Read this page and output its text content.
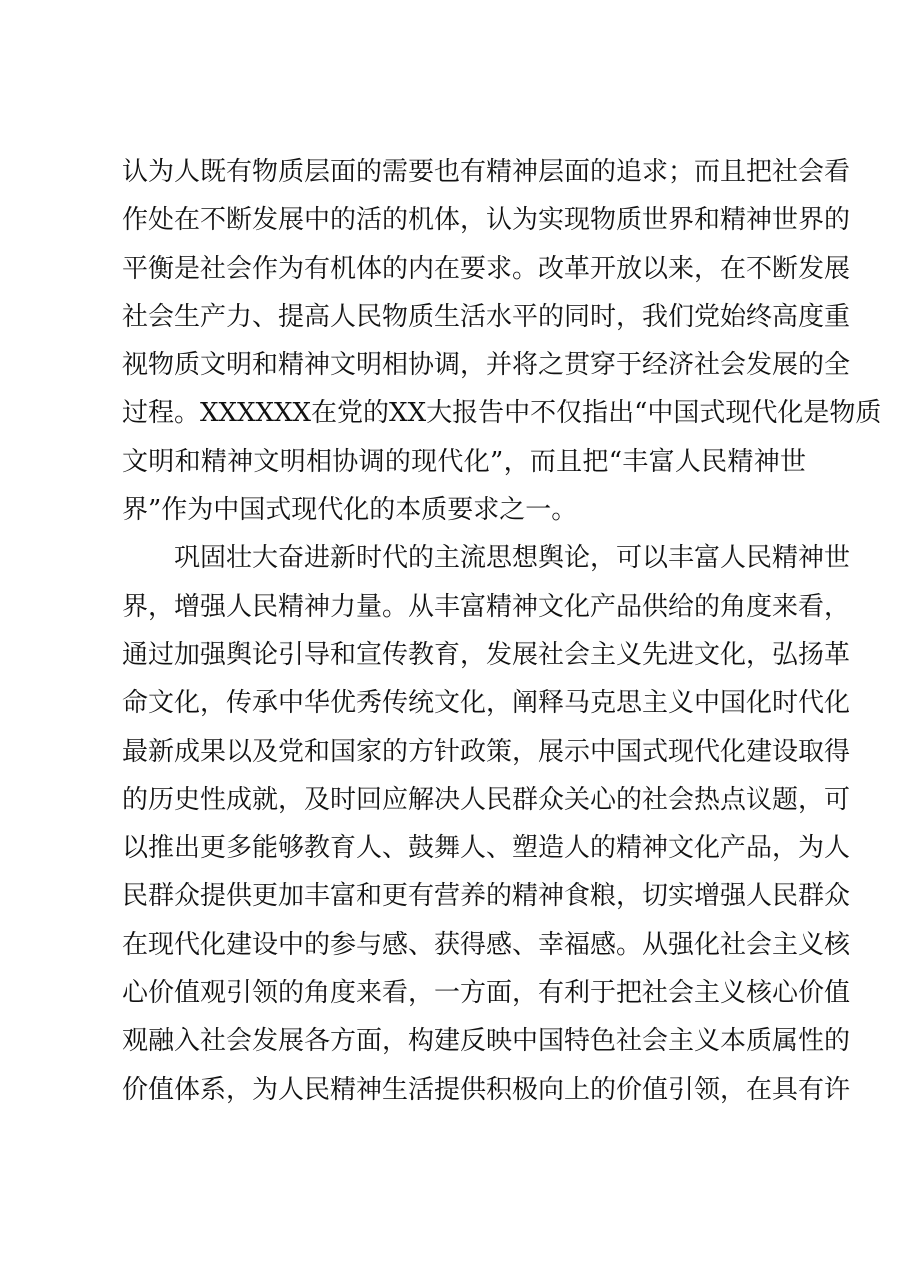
认为人既有物质层面的需要也有精神层面的追求；而且把社会看
作处在不断发展中的活的机体，认为实现物质世界和精神世界的
平衡是社会作为有机体的内在要求。改革开放以来，在不断发展
社会生产力、提高人民物质生活水平的同时，我们党始终高度重
视物质文明和精神文明相协调，并将之贯穿于经济社会发展的全
过程。XXXXXX在党的XX大报告中不仅指出“中国式现代化是物质
文明和精神文明相协调的现代化”，而且把“丰富人民精神世
界”作为中国式现代化的本质要求之一。
　　巩固壮大奋进新时代的主流思想舆论，可以丰富人民精神世
界，增强人民精神力量。从丰富精神文化产品供给的角度来看，
通过加强舆论引导和宣传教育，发展社会主义先进文化，弘扬革
命文化，传承中华优秀传统文化，阐释马克思主义中国化时代化
最新成果以及党和国家的方针政策，展示中国式现代化建设取得
的历史性成就，及时回应解决人民群众关心的社会热点议题，可
以推出更多能够教育人、鼓舞人、塑造人的精神文化产品，为人
民群众提供更加丰富和更有营养的精神食粮，切实增强人民群众
在现代化建设中的参与感、获得感、幸福感。从强化社会主义核
心价值观引领的角度来看，一方面，有利于把社会主义核心价值
观融入社会发展各方面，构建反映中国特色社会主义本质属性的
价值体系，为人民精神生活提供积极向上的价值引领，在具有许
